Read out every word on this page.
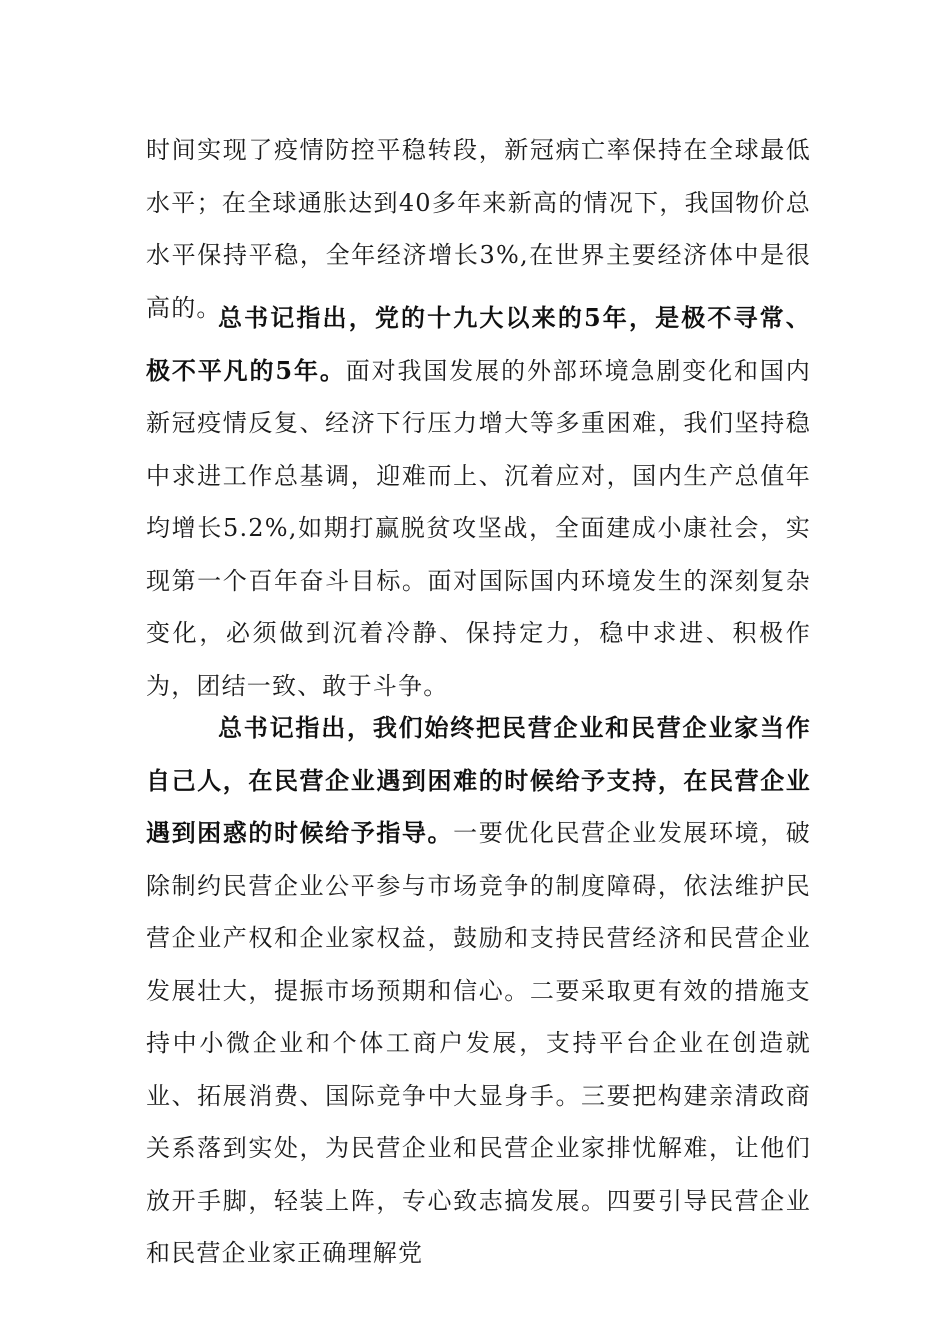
时间实现了疫情防控平稳转段，新冠病亡率保持在全球最低水平；在全球通胀达到40多年来新高的情况下，我国物价总水平保持平稳，全年经济增长3%,在世界主要经济体中是很高的。

总书记指出，党的十九大以来的5年，是极不寻常、极不平凡的5年。面对我国发展的外部环境急剧变化和国内新冠疫情反复、经济下行压力增大等多重困难，我们坚持稳中求进工作总基调，迎难而上、沉着应对，国内生产总值年均增长5.2%,如期打赢脱贫攻坚战，全面建成小康社会，实现第一个百年奋斗目标。面对国际国内环境发生的深刻复杂变化，必须做到沉着冷静、保持定力，稳中求进、积极作为，团结一致、敢于斗争。

总书记指出，我们始终把民营企业和民营企业家当作自己人，在民营企业遇到困难的时候给予支持，在民营企业遇到困惑的时候给予指导。一要优化民营企业发展环境，破除制约民营企业公平参与市场竞争的制度障碍，依法维护民营企业产权和企业家权益，鼓励和支持民营经济和民营企业发展壮大，提振市场预期和信心。二要采取更有效的措施支持中小微企业和个体工商户发展，支持平台企业在创造就业、拓展消费、国际竞争中大显身手。三要把构建亲清政商关系落到实处，为民营企业和民营企业家排忧解难，让他们放开手脚，轻装上阵，专心致志搞发展。四要引导民营企业和民营企业家正确理解党
